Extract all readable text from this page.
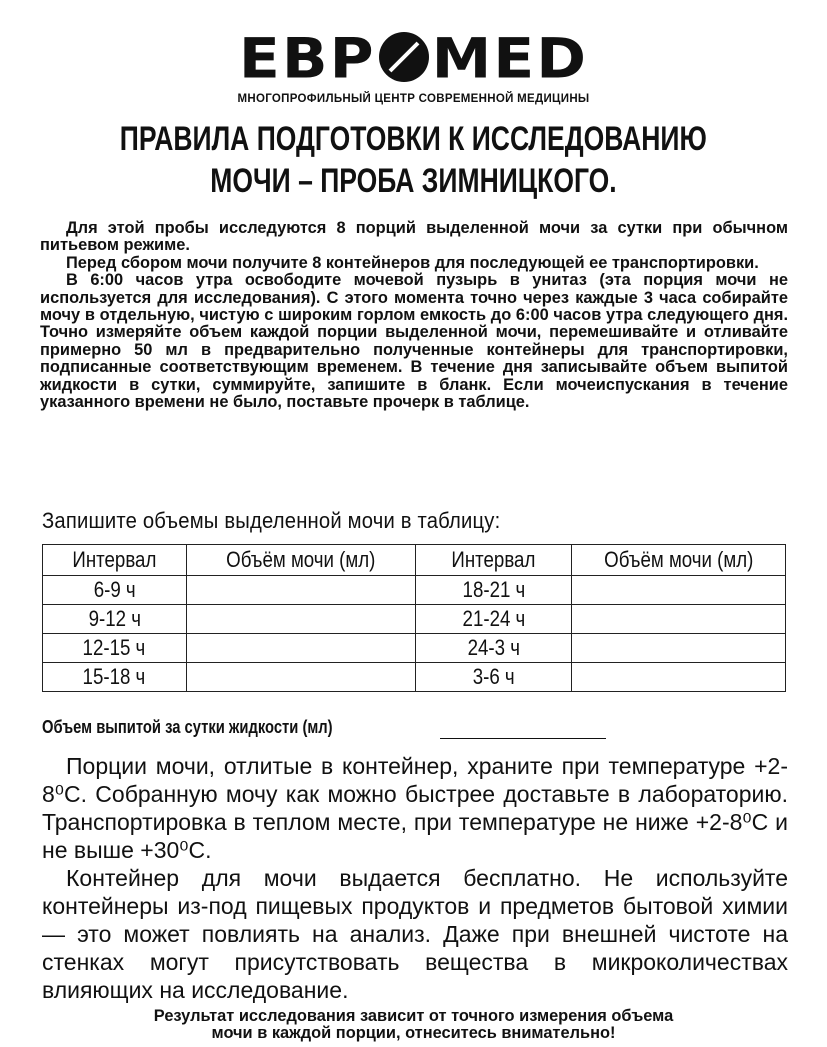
ЕВР MED
МНОГОПРОФИЛЬНЫЙ ЦЕНТР СОВРЕМЕННОЙ МЕДИЦИНЫ
ПРАВИЛА ПОДГОТОВКИ К ИССЛЕДОВАНИЮ
МОЧИ – ПРОБА ЗИМНИЦКОГО.

Для этой пробы исследуются 8 порций выделенной мочи за сутки при обычном питьевом режиме.

Перед сбором мочи получите 8 контейнеров для последующей ее транспортировки.

В 6:00 часов утра освободите мочевой пузырь в унитаз (эта порция мочи не используется для исследования). С этого момента точно через каждые 3 часа собирайте мочу в отдельную, чистую с широким горлом емкость до 6:00 часов утра следующего дня. Точно измеряйте объем каждой порции выделенной мочи, перемешивайте и отливайте примерно 50 мл в предварительно полученные контейнеры для транспортировки, подписанные соответствующим временем. В течение дня записывайте объем выпитой жидкости в сутки, суммируйте, запишите в бланк. Если мочеиспускания в течение указанного времени не было, поставьте прочерк в таблице.

Запишите объемы выделенной мочи в таблицу:
Интервал	Объём мочи (мл)	Интервал	Объём мочи (мл)
6-9 ч		18-21 ч	
9-12 ч		21-24 ч	
12-15 ч		24-3 ч	
15-18 ч		3-6 ч	
Объем выпитой за сутки жидкости (мл)

Порции мочи, отлитые в контейнер, храните при температуре +2-8⁰С. Собранную мочу как можно быстрее доставьте в лабораторию. Транспортировка в теплом месте, при температуре не ниже +2-8⁰С и не выше +30⁰С.

Контейнер для мочи выдается бесплатно. Не используйте контейнеры из-под пищевых продуктов и предметов бытовой химии — это может повлиять на анализ. Даже при внешней чистоте на стенках могут присутствовать вещества в микроколичествах влияющих на исследование.

Результат исследования зависит от точного измерения объема
мочи в каждой порции, отнеситесь внимательно!
